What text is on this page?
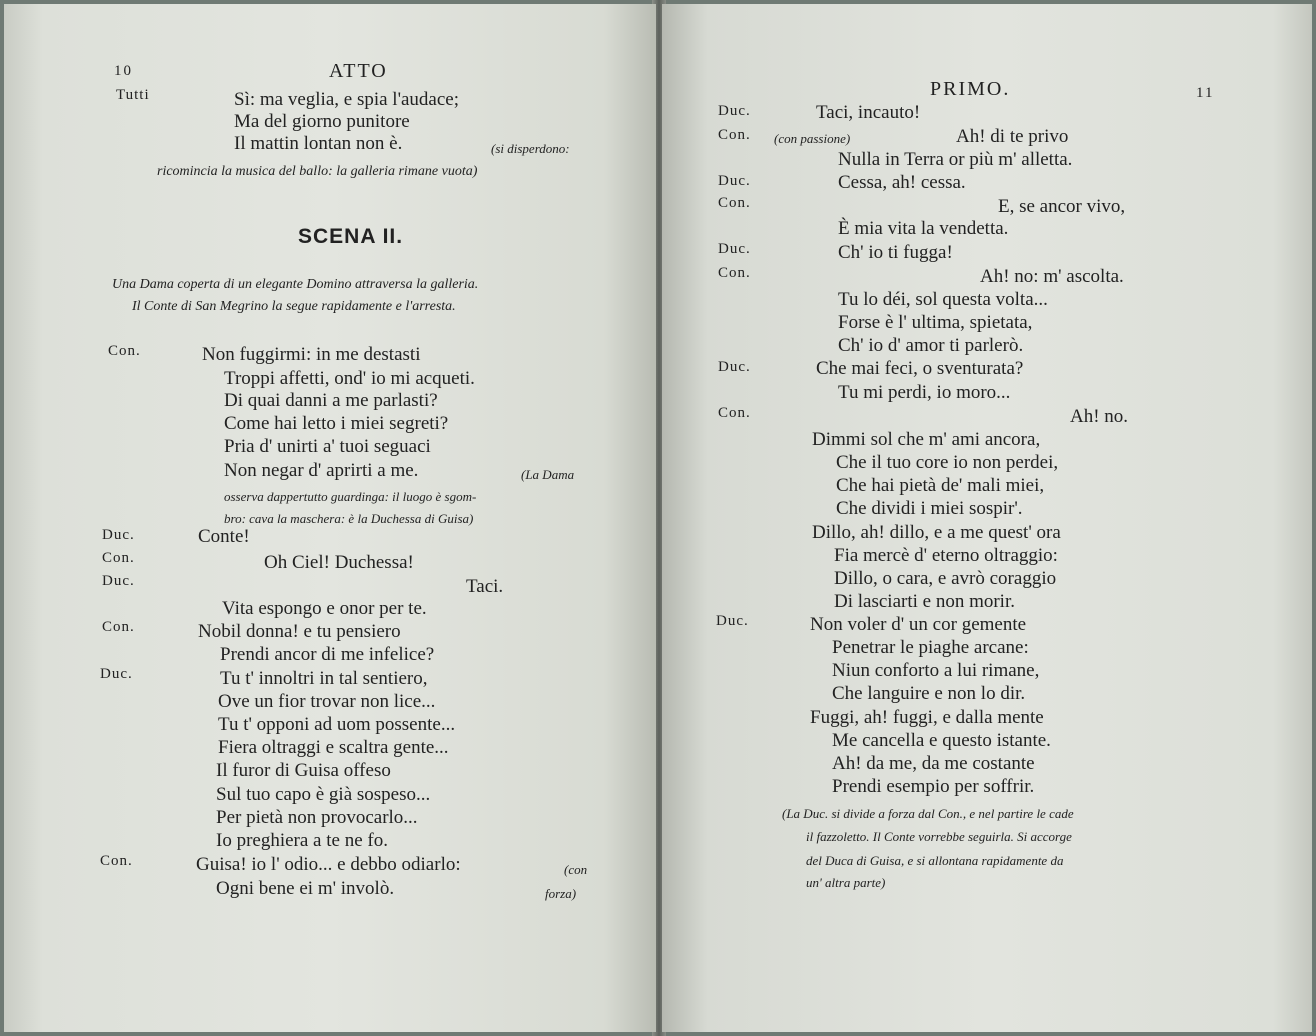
10	ATTO
Tutti	Sì: ma veglia, e spia l'audace;
Ma del giorno punitore
Il mattin lontan non è.	(si disperdono:
ricomincia la musica del ballo: la galleria rimane vuota)
SCENA II.
Una Dama coperta di un elegante Domino attraversa la galleria.
Il Conte di San Megrino la segue rapidamente e l'arresta.
Con.	Non fuggirmi: in me destasti
Troppi affetti, ond' io mi acqueti.
Di quai danni a me parlasti?
Come hai letto i miei segreti?
Pria d' unirti a' tuoi seguaci
Non negar d' aprirti a me.	(La Dama
osserva dappertutto guardinga: il luogo è sgom-
bro: cava la maschera: è la Duchessa di Guisa)
Duc.	Conte!
Con.	Oh Ciel! Duchessa!
Duc.	Taci.
Vita espongo e onor per te.
Con.	Nobil donna! e tu pensiero
Prendi ancor di me infelice?
Duc.	Tu t' innoltri in tal sentiero,
Ove un fior trovar non lice...
Tu t' opponi ad uom possente...
Fiera oltraggi e scaltra gente...
Il furor di Guisa offeso
Sul tuo capo è già sospeso...
Per pietà non provocarlo...
Io preghiera a te ne fo.
Con.	Guisa! io l' odio... e debbo odiarlo:	(con
Ogni bene ei m' involò.	forza)
PRIMO.	11
Duc.	Taci, incauto!
Con. (con passione)	Ah! di te privo
Nulla in Terra or più m' alletta.
Duc.	Cessa, ah! cessa.
Con.	E, se ancor vivo,
È mia vita la vendetta.
Duc.	Ch' io ti fugga!
Con.	Ah! no: m' ascolta.
Tu lo déi, sol questa volta...
Forse è l' ultima, spietata,
Ch' io d' amor ti parlerò.
Duc.	Che mai feci, o sventurata?
Tu mi perdi, io moro...
Con.	Ah! no.
Dimmi sol che m' ami ancora,
Che il tuo core io non perdei,
Che hai pietà de' mali miei,
Che dividi i miei sospir'.
Dillo, ah! dillo, e a me quest' ora
Fia mercè d' eterno oltraggio:
Dillo, o cara, e avrò coraggio
Di lasciarti e non morir.
Duc.	Non voler d' un cor gemente
Penetrar le piaghe arcane:
Niun conforto a lui rimane,
Che languire e non lo dir.
Fuggi, ah! fuggi, e dalla mente
Me cancella e questo istante.
Ah! da me, da me costante
Prendi esempio per soffrir.
(La Duc. si divide a forza dal Con., e nel partire le cade
il fazzoletto. Il Conte vorrebbe seguirla. Si accorge
del Duca di Guisa, e si allontana rapidamente da
un' altra parte)
